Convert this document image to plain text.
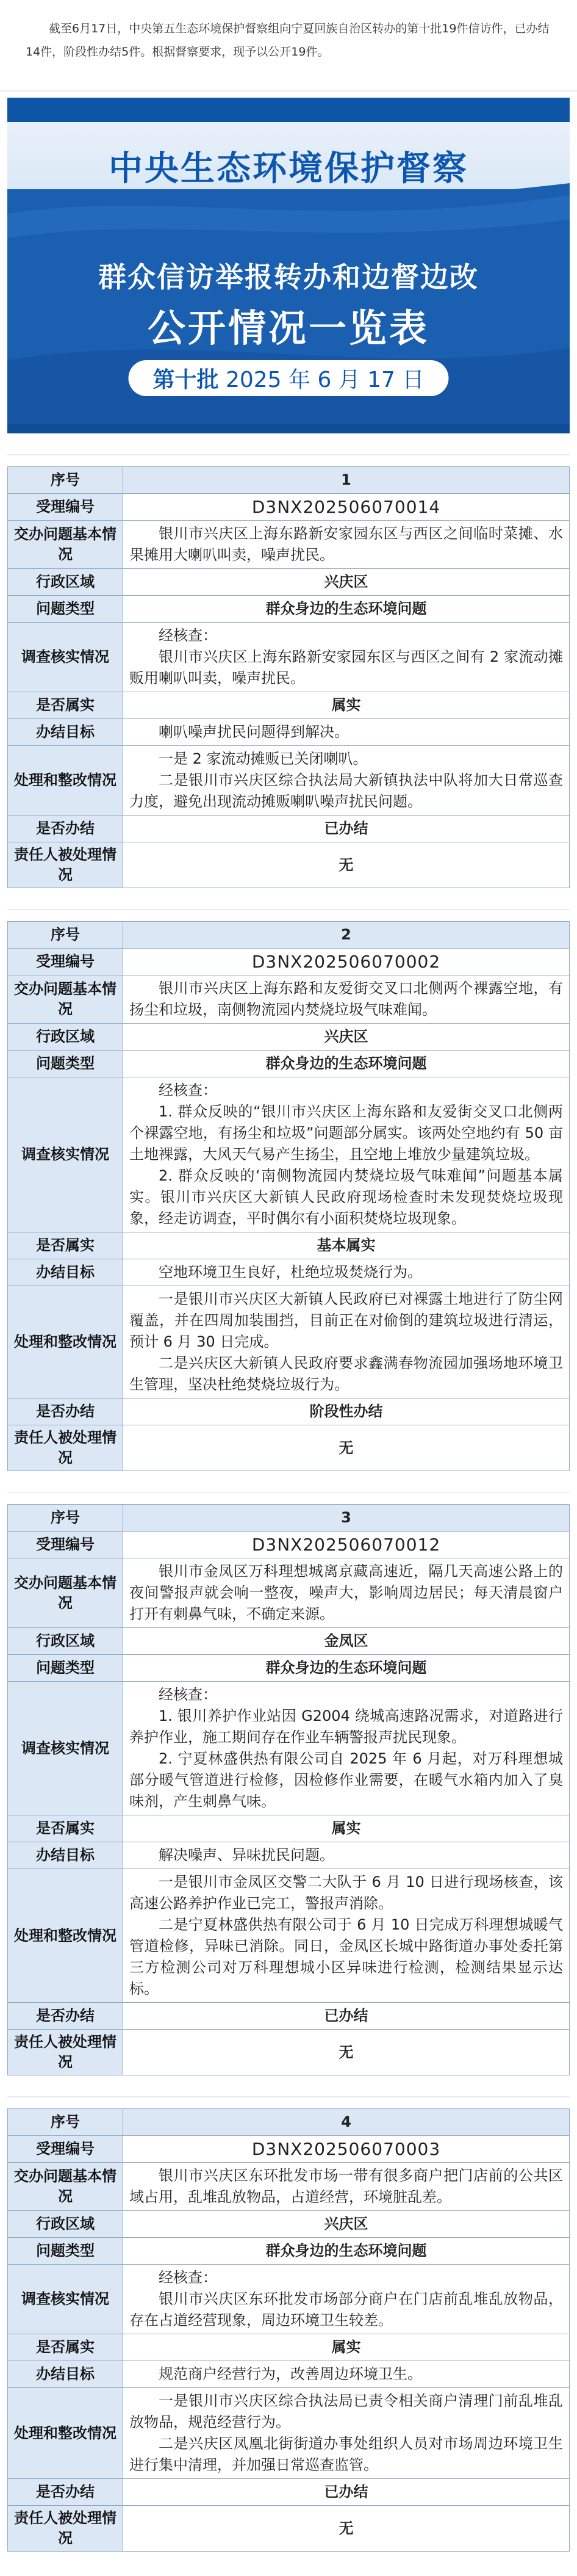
截至6月17日，中央第五生态环境保护督察组向宁夏回族自治区转办的第十批19件信访件，已办结14件，阶段性办结5件。根据督察要求，现予以公开19件。
中央生态环境保护督察
群众信访举报转办和边督边改
公开情况一览表
第十批 2025 年 6 月 17 日
序号	1
受理编号	D3NX202506070014
交办问题基本情况	银川市兴庆区上海东路新安家园东区与西区之间临时菜摊、水果摊用大喇叭叫卖，噪声扰民。
行政区域	兴庆区
问题类型	群众身边的生态环境问题
调查核实情况	经核查：
银川市兴庆区上海东路新安家园东区与西区之间有 2 家流动摊贩用喇叭叫卖，噪声扰民。

是否属实	属实
办结目标	喇叭噪声扰民问题得到解决。
处理和整改情况	一是 2 家流动摊贩已关闭喇叭。
二是银川市兴庆区综合执法局大新镇执法中队将加大日常巡查力度，避免出现流动摊贩喇叭噪声扰民问题。

是否办结	已办结
责任人被处理情况	无
序号	2
受理编号	D3NX202506070002
交办问题基本情况	银川市兴庆区上海东路和友爱街交叉口北侧两个裸露空地，有扬尘和垃圾，南侧物流园内焚烧垃圾气味难闻。
行政区域	兴庆区
问题类型	群众身边的生态环境问题
调查核实情况	经核查：
1. 群众反映的“银川市兴庆区上海东路和友爱街交叉口北侧两个裸露空地，有扬尘和垃圾”问题部分属实。该两处空地约有 50 亩土地裸露，大风天气易产生扬尘，且空地上堆放少量建筑垃圾。
2. 群众反映的‘南侧物流园内焚烧垃圾气味难闻”问题基本属实。银川市兴庆区大新镇人民政府现场检查时未发现焚烧垃圾现象，经走访调查，平时偶尔有小面积焚烧垃圾现象。

是否属实	基本属实
办结目标	空地环境卫生良好，杜绝垃圾焚烧行为。
处理和整改情况	一是银川市兴庆区大新镇人民政府已对裸露土地进行了防尘网覆盖，并在四周加装围挡，目前正在对偷倒的建筑垃圾进行清运，预计 6 月 30 日完成。
二是兴庆区大新镇人民政府要求鑫满春物流园加强场地环境卫生管理，坚决杜绝焚烧垃圾行为。

是否办结	阶段性办结
责任人被处理情况	无
序号	3
受理编号	D3NX202506070012
交办问题基本情况	银川市金凤区万科理想城离京藏高速近，隔几天高速公路上的夜间警报声就会响一整夜，噪声大，影响周边居民；每天清晨窗户打开有刺鼻气味，不确定来源。
行政区域	金凤区
问题类型	群众身边的生态环境问题
调查核实情况	经核查：
1. 银川养护作业站因 G2004 绕城高速路况需求，对道路进行养护作业，施工期间存在作业车辆警报声扰民现象。
2. 宁夏林盛供热有限公司自 2025 年 6 月起，对万科理想城部分暖气管道进行检修，因检修作业需要，在暖气水箱内加入了臭味剂，产生刺鼻气味。

是否属实	属实
办结目标	解决噪声、异味扰民问题。
处理和整改情况	一是银川市金凤区交警二大队于 6 月 10 日进行现场核查，该高速公路养护作业已完工，警报声消除。
二是宁夏林盛供热有限公司于 6 月 10 日完成万科理想城暖气管道检修，异味已消除。同日，金凤区长城中路街道办事处委托第三方检测公司对万科理想城小区异味进行检测，检测结果显示达标。

是否办结	已办结
责任人被处理情况	无
序号	4
受理编号	D3NX202506070003
交办问题基本情况	银川市兴庆区东环批发市场一带有很多商户把门店前的公共区域占用，乱堆乱放物品，占道经营，环境脏乱差。
行政区域	兴庆区
问题类型	群众身边的生态环境问题
调查核实情况	经核查：
银川市兴庆区东环批发市场部分商户在门店前乱堆乱放物品，存在占道经营现象，周边环境卫生较差。

是否属实	属实
办结目标	规范商户经营行为，改善周边环境卫生。
处理和整改情况	一是银川市兴庆区综合执法局已责令相关商户清理门前乱堆乱放物品，规范经营行为。
二是兴庆区凤凰北街街道办事处组织人员对市场周边环境卫生进行集中清理，并加强日常巡查监管。

是否办结	已办结
责任人被处理情况	无
